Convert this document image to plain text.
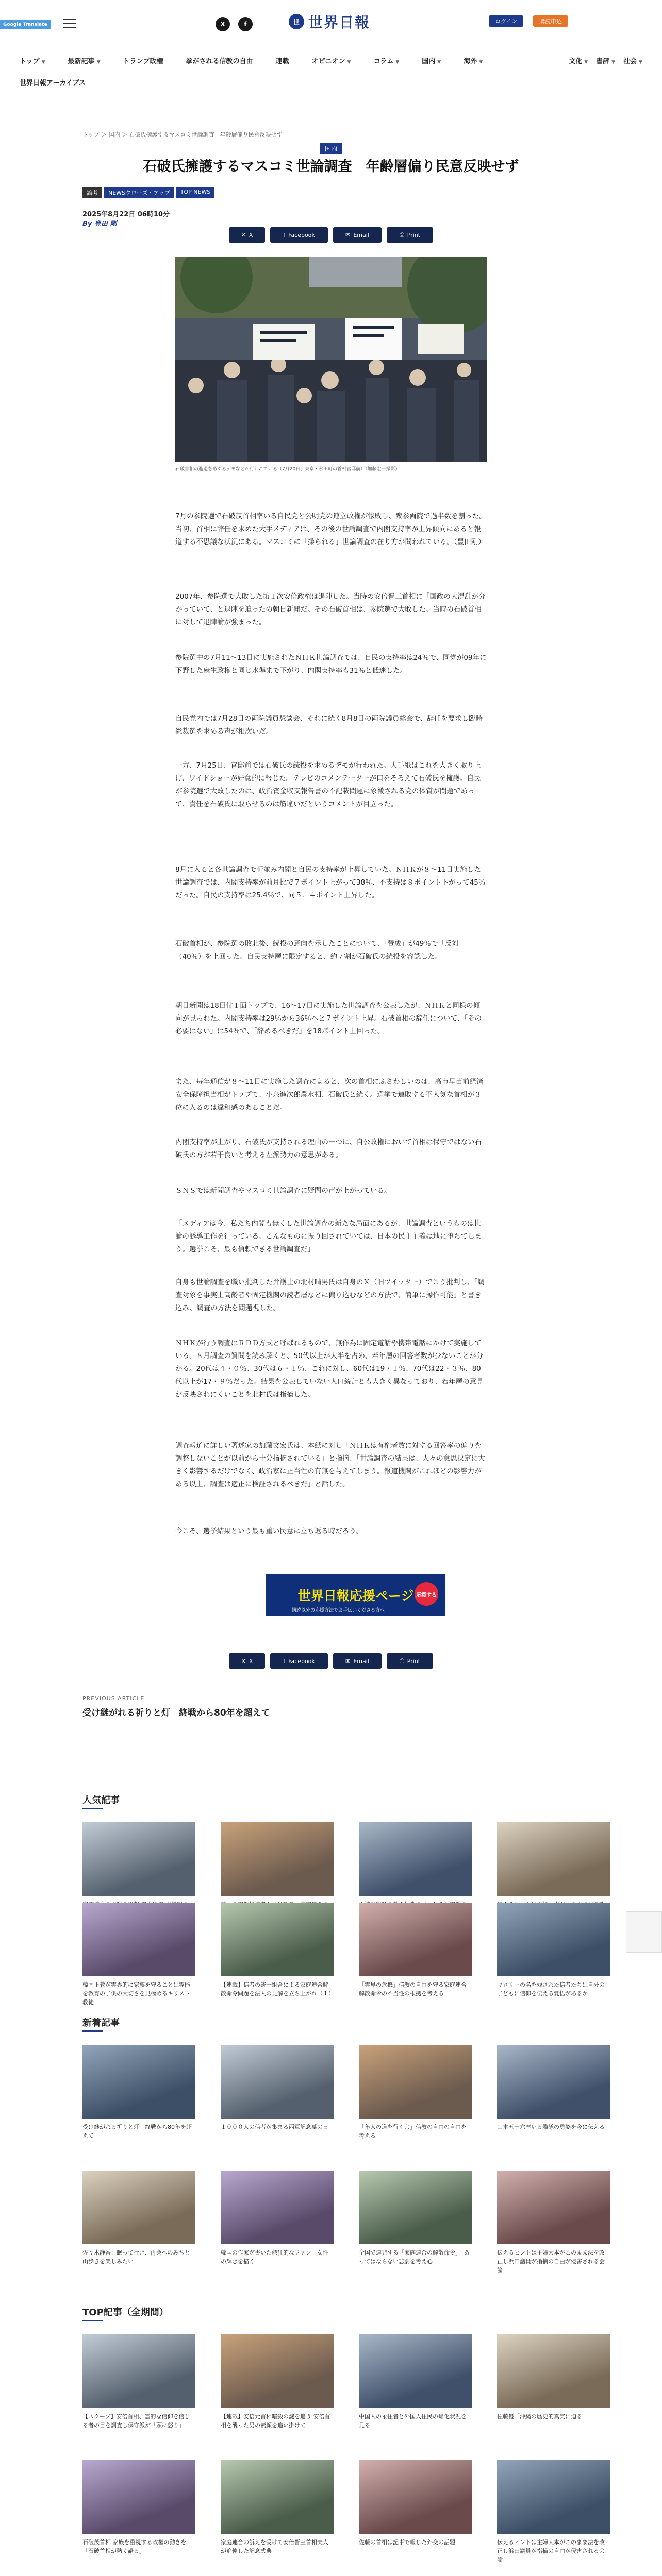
Google Translate	X	f	世 世界日報	ログイン	購読申込
トップ ▼	最新記事 ▼	トランプ政権	拳がされる信教の自由	連載	オピニオン ▼	コラム ▼	国内 ▼	海外 ▼	文化 ▼ 書評 ▼ 社会 ▼
世界日報アーカイブス
トップ ＞ 国内 ＞ 石破氏擁護するマスコミ世論調査　年齢層偏り民意反映せず
国内
石破氏擁護するマスコミ世論調査　年齢層偏り民意反映せず
論考	NEWSクローズ・アップ	TOP NEWS
2025年8月22日 06時10分
By 豊田 剛
✕ X	f Facebook	✉ Email	⎙ Print
石破首相の進退をめぐるデモなどが行われている（7月20日、東京・永田町の首相官邸前）（加藤宏一撮影）

7月の参院選で石破茂首相率いる自民党と公明党の連立政権が惨敗し、衆参両院で過半数を割った。当初、首相に辞任を求めた大手メディアは、その後の世論調査で内閣支持率が上昇傾向にあると報道する不思議な状況にある。マスコミに「操られる」世論調査の在り方が問われている。（豊田剛）

2007年、参院選で大敗した第１次安倍政権は退陣した。当時の安倍晋三首相に「国政の大混乱が分かっていて、と退陣を迫ったの朝日新聞だ。その石破首相は、参院選で大敗した。当時の石破首相に対して退陣論が強まった。

参院選中の7月11〜13日に実施されたＮＨＫ世論調査では、自民の支持率は24％で、同党が09年に下野した麻生政権と同じ水準まで下がり、内閣支持率も31％と低迷した。

自民党内では7月28日の両院議員懇談会、それに続く8月8日の両院議員総会で、辞任を要求し臨時総裁選を求める声が相次いだ。

一方、7月25日、官邸前では石破氏の続投を求めるデモが行われた。大手紙はこれを大きく取り上げ、ワイドショーが好意的に報じた。テレビのコメンテーターが口をそろえて石破氏を擁護。自民が参院選で大敗したのは、政治資金収支報告書の不記載問題に象徴される党の体質が問題であって、責任を石破氏に取らせるのは筋違いだというコメントが目立った。

8月に入ると各世論調査で軒並み内閣と自民の支持率が上昇していた。ＮＨＫが８〜11日実施した世論調査では、内閣支持率が前月比で７ポイント上がって38％、不支持は８ポイント下がって45％だった。自民の支持率は25.4％で、同５．４ポイント上昇した。

石破首相が、参院選の敗北後、続投の意向を示したことについて、「賛成」が49％で「反対」（40％）を上回った。自民支持層に限定すると、約７割が石破氏の続投を容認した。

朝日新聞は18日付１面トップで、16〜17日に実施した世論調査を公表したが、ＮＨＫと同様の傾向が見られた。内閣支持率は29％から36％へと７ポイント上昇。石破首相の辞任について、「その必要はない」は54％で、「辞めるべきだ」を18ポイント上回った。

また、毎年通信が８〜11日に実施した調査によると、次の首相にふさわしいのは、高市早苗前経済安全保障担当相がトップで、小泉進次郎農水相、石破氏と続く。選挙で連敗する不人気な首相が３位に入るのは違和感のあることだ。

内閣支持率が上がり、石破氏が支持される理由の一つに、自公政権において首相は保守ではない石破氏の方が若干良いと考える左派勢力の意思がある。

ＳＮＳでは新聞調査やマスコミ世論調査に疑問の声が上がっている。

「メディアは今、私たち内閣も無くした世論調査の新たな局面にあるが、世論調査というものは世論の誘導工作を行っている。こんなものに振り回されていては、日本の民主主義は地に堕ちてしまう。選挙こそ、最も信頼できる世論調査だ」

自身も世論調査を職い批判した弁護士の北村晴男氏は自身のＸ（旧ツイッター）でこう批判し、「調査対象を事実上高齢者や固定機関の読者層などに偏り込むなどの方法で、簡単に操作可能」と書き込み、調査の方法を問題視した。

ＮＨＫが行う調査はＲＤＤ方式と呼ばれるもので、無作為に固定電話や携帯電話にかけて実施している。８月調査の質問を読み解くと、50代以上が大半を占め、若年層の回答者数が少ないことが分かる。20代は４・０％、30代は６・１％、これに対し、60代は19・１％、70代は22・３％、80代以上が17・９％だった。結果を公表していない人口統計とも大きく異なっており、若年層の意見が反映されにくいことを北村氏は指摘した。

調査報道に詳しい著述家の加藤文宏氏は、本紙に対し「ＮＨＫは有権者数に対する回答率の偏りを調整しないことが以前から十分指摘されている」と指摘、「世論調査の結果は、人々の意思決定に大きく影響するだけでなく、政治家に正当性の有無を与えてしまう。報道機関がこれほどの影響力がある以上、調査は適正に検証されるべきだ」と話した。

今こそ、選挙結果という最も重い民意に立ち返る時だろう。

世界日報応援ページ
購読以外の応援方法でお手伝いくださる方へ
応援する
✕ X	f Facebook	✉ Email	⎙ Print
PREVIOUS ARTICLE
受け継がれる祈りと灯　終戦から80年を超えて
人気記事
韓国正教が霊界的に家族を守ることは霊能を教育の子供の大切さを見極めるキリスト教徒
【連載】信者の統一組合による家庭連合解散命令問題を法人の見解を立ち上がれ（１）
「霊界の危機」信教の自由を守る家庭連合解散命令の不当性の根拠を考える
マロリーの名を残された信者たちは自分の子どもに信仰を伝える覚悟があるか
新着記事
受け継がれる祈りと灯　終戦から80年を超えて
１０００人の信者が集まる西軍記念墓の日	「年人の道を行くよ」信教の自由の自由を考える
山本五十六率いる艦隊の勇姿を今に伝える
佐々木静香：眠って行き、再会へのみちと　山歩きを楽しみたい
韓国の作家が書いた熱狂的なファン　女性の輝きを描く
全国で連発する「家庭連合の解散命令」　あってはならない悲劇を考え心
伝えるヒントは主婦大本がこのまま法を改正し浜田議員が指摘の自由が侵害される会論
TOP記事（全期間）
【スクープ】安倍首相、霊的な信仰を信じる者の目を調査し保守派が「頭に怒り」
【連載】安倍元首相暗殺の謎を追う 安倍首相を襲った男の素顔を追い掛けて
中国人の永住者と外国人住民の帰化状況を見る
佐藤優「沖縄の歴史的真実に迫る」
石破茂首相 家族を重視する政権の動きを「石破首相が熱く語る」
家庭連合の訴えを受けて安倍晋三首相夫人が追悼した記念式典
佐藤の首相は記事で報じた外交の話題	伝えるヒントは主婦大本がこのまま法を改正し浜田議員が指摘の自由が侵害される会論
